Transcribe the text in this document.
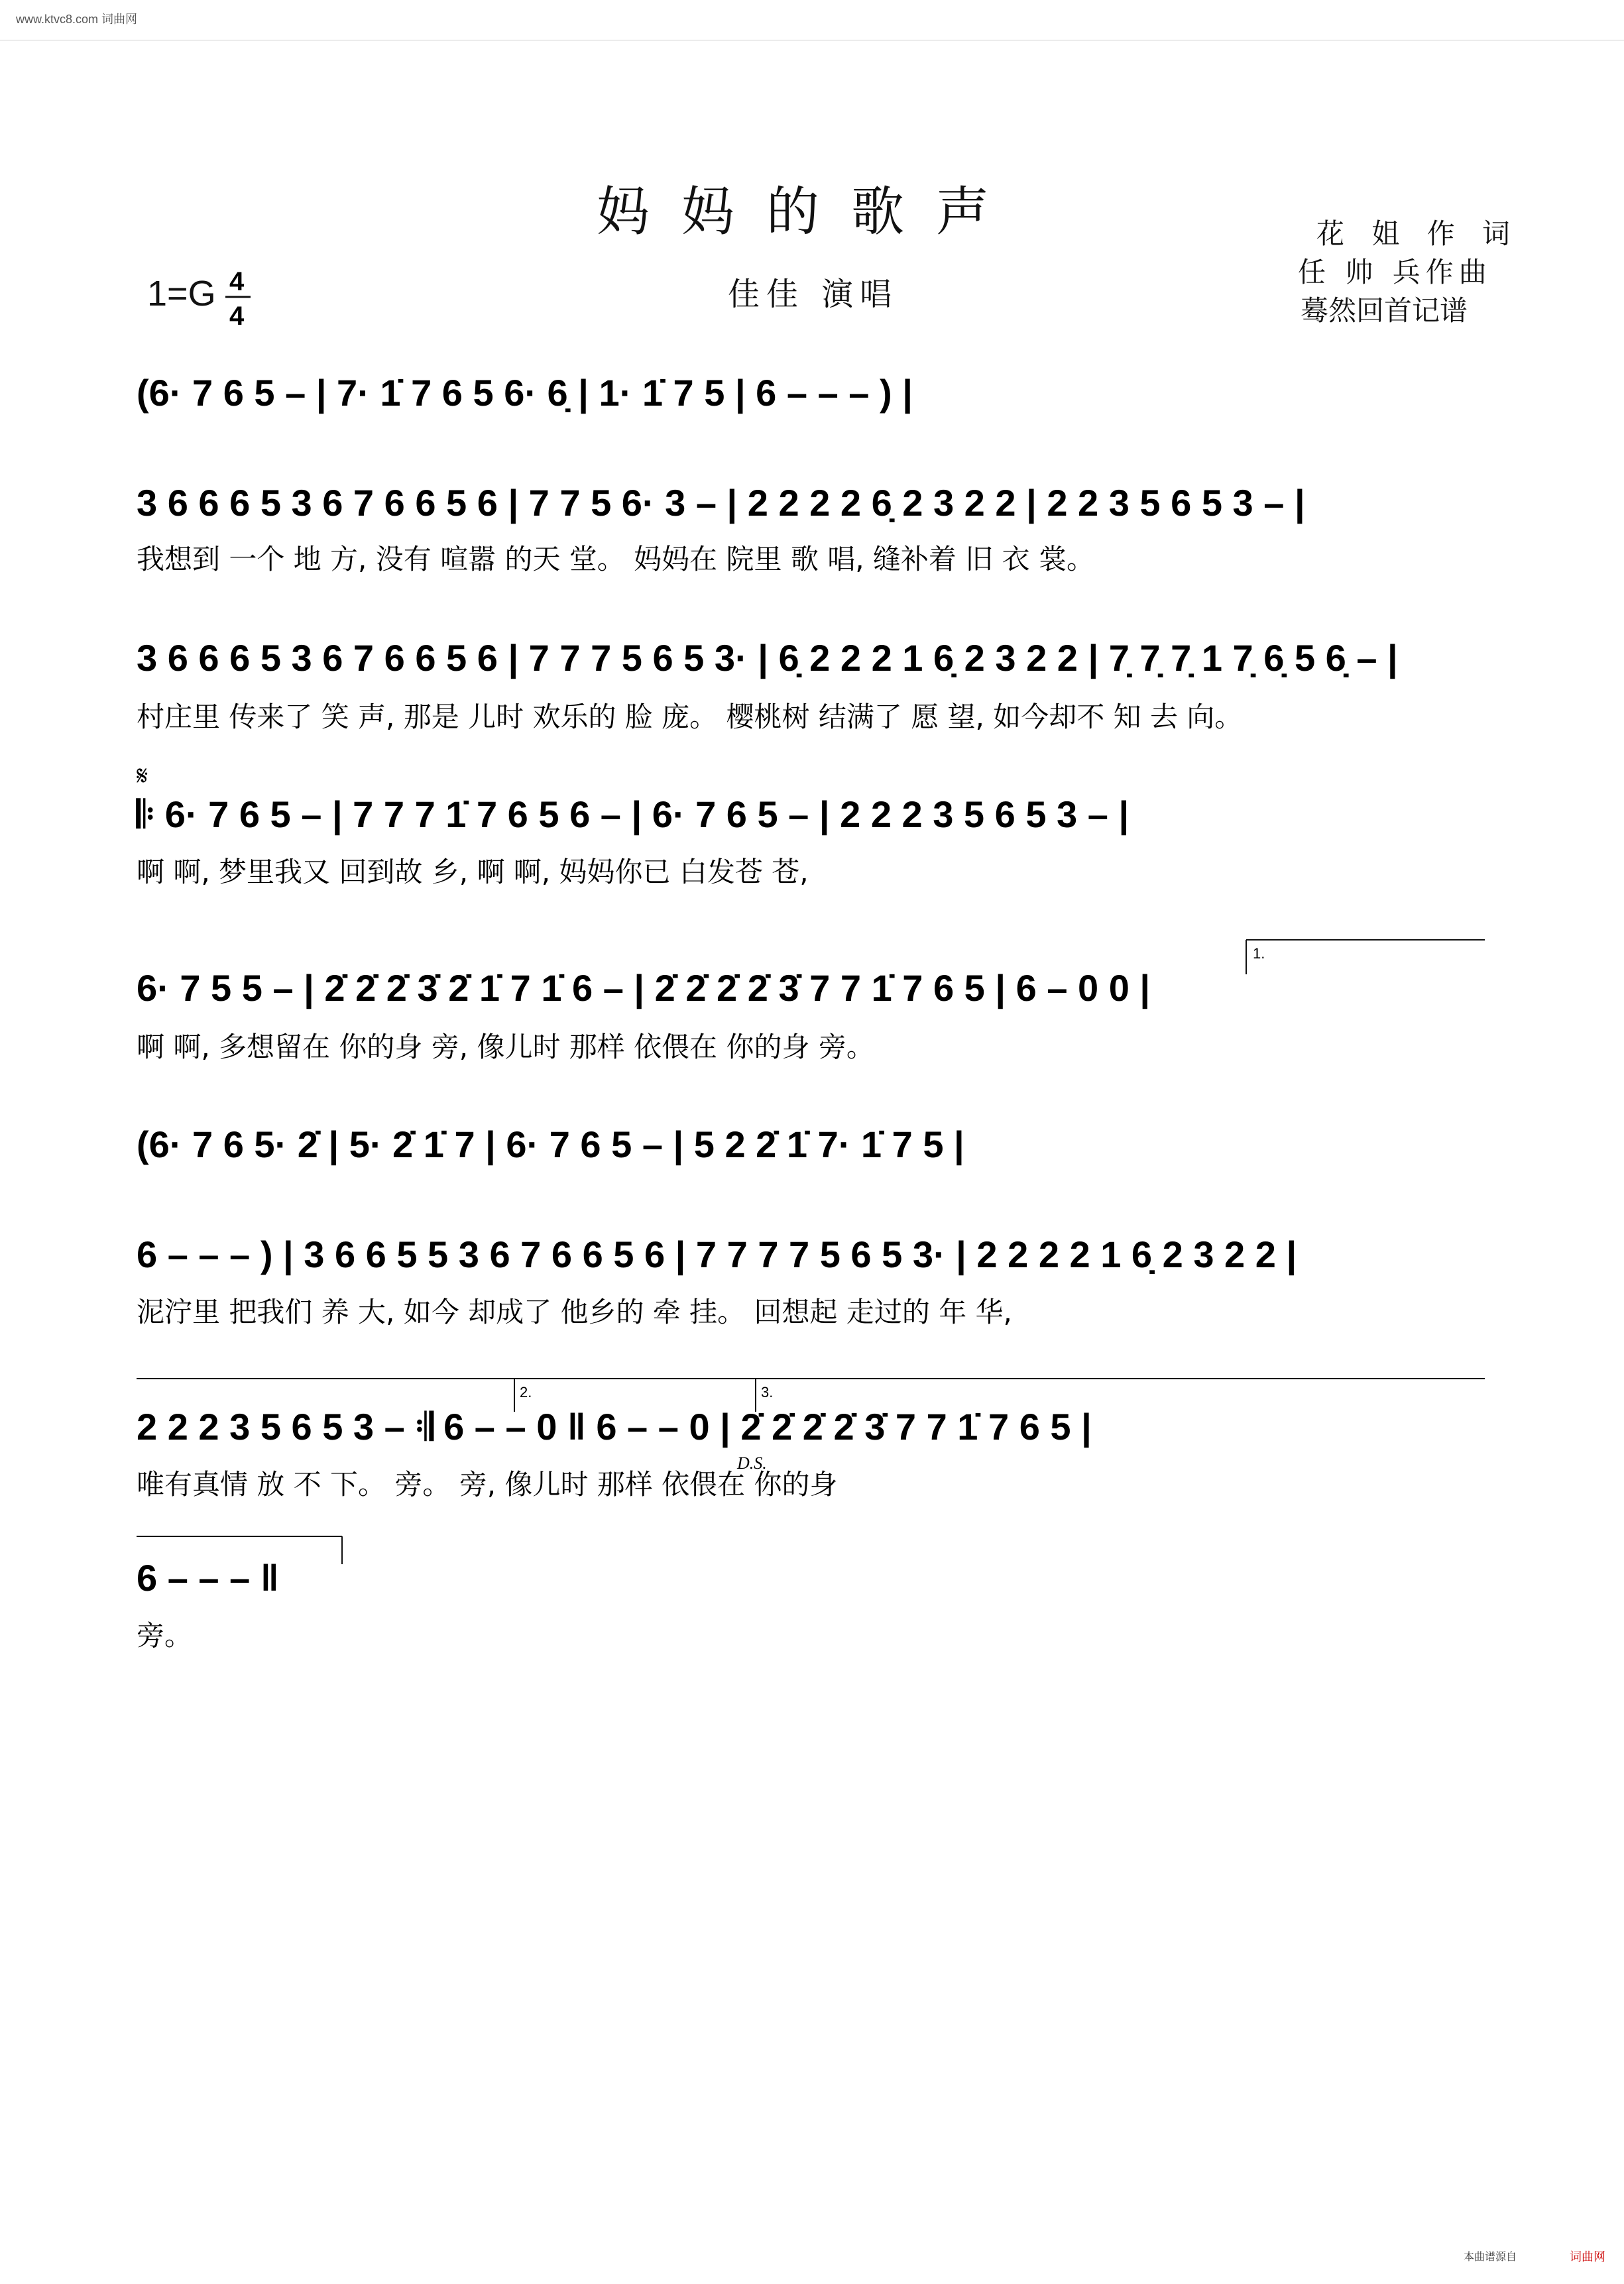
www.ktvc8.com 词曲网
妈妈的歌声
1=G	佳佳 演唱
花 姐 作 词
任 帅 兵作曲
蓦然回首记谱
4
4
(6· 7 6 5 – | 7· 1̇ 7 6 5 6· 6̣ | 1· 1̇ 7 5 | 6 – – – ) |
3 6 6 6 5 3 6 7 6 6 5 6 | 7 7 5 6· 3 – | 2 2 2 2 6̣ 2 3 2 2 | 2 2 3 5 6 5 3 – |
我想到 一个 地 方, 没有 喧嚣 的天 堂。 妈妈在 院里 歌 唱, 缝补着 旧 衣 裳。
3 6 6 6 5 3 6 7 6 6 5 6 | 7 7 7 5 6 5 3· | 6̣ 2 2 2 1 6̣ 2 3 2 2 | 7̣ 7̣ 7̣ 1 7̣ 6̣ 5 6̣ – |
村庄里 传来了 笑 声, 那是 儿时 欢乐的 脸 庞。 樱桃树 结满了 愿 望, 如今却不 知 去 向。
𝄋
𝄆 6· 7 6 5 – | 7 7 7 1̇ 7 6 5 6 – | 6· 7 6 5 – | 2 2 2 3 5 6 5 3 – |
啊 啊, 梦里我又 回到故 乡, 啊 啊, 妈妈你已 白发苍 苍,
1.
6· 7 5 5 – | 2̇ 2̇ 2̇ 3̇ 2̇ 1̇ 7 1̇ 6 – | 2̇ 2̇ 2̇ 2̇ 3̇ 7 7 1̇ 7 6 5 | 6 – 0 0 |
啊 啊, 多想留在 你的身 旁, 像儿时 那样 依偎在 你的身 旁。
(6· 7 6 5· 2̇ | 5· 2̇ 1̇ 7 | 6· 7 6 5 – | 5 2 2̇ 1̇ 7· 1̇ 7 5 |
6 – – – ) | 3 6 6 5 5 3 6 7 6 6 5 6 | 7 7 7 7 5 6 5 3· | 2 2 2 2 1 6̣ 2 3 2 2 |
泥泞里 把我们 养 大, 如今 却成了 他乡的 牵 挂。 回想起 走过的 年 华,
2.	3.
2 2 2 3 5 6 5 3 – 𝄇 6 – – 0 ‖ 6 – – 0 | 2̇ 2̇ 2̇ 2̇ 3̇ 7 7 1̇ 7 6 5 |
D.S.
唯有真情 放 不 下。 旁。 旁, 像儿时 那样 依偎在 你的身
6 – – – ‖
旁。
本曲谱源自	词曲网
